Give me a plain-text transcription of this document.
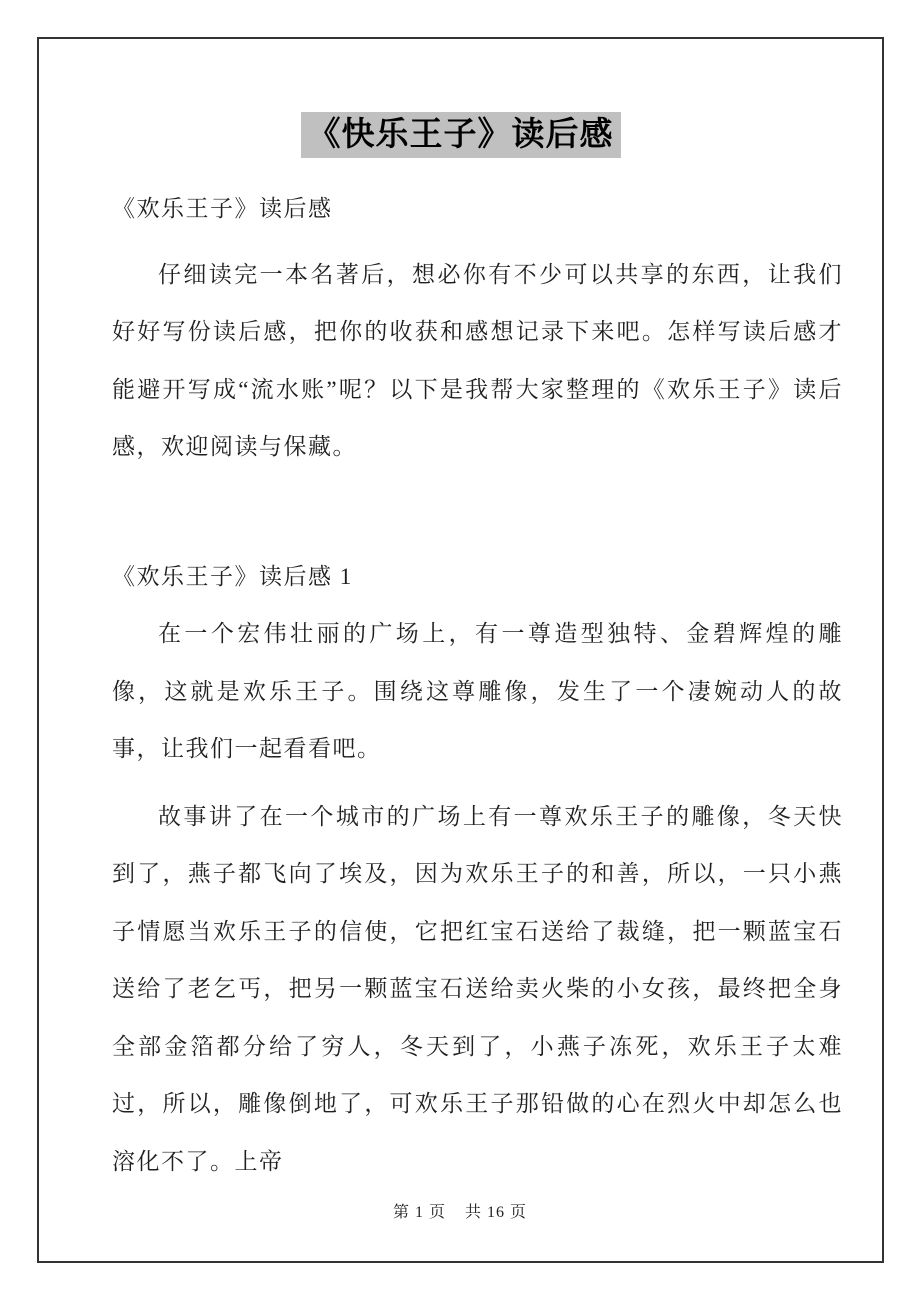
《快乐王子》读后感
《欢乐王子》读后感
仔细读完一本名著后，想必你有不少可以共享的东西，让我们好好写份读后感，把你的收获和感想记录下来吧。怎样写读后感才能避开写成“流水账”呢？以下是我帮大家整理的《欢乐王子》读后感，欢迎阅读与保藏。
《欢乐王子》读后感 1
在一个宏伟壮丽的广场上，有一尊造型独特、金碧辉煌的雕像，这就是欢乐王子。围绕这尊雕像，发生了一个凄婉动人的故事，让我们一起看看吧。
故事讲了在一个城市的广场上有一尊欢乐王子的雕像，冬天快到了，燕子都飞向了埃及，因为欢乐王子的和善，所以，一只小燕子情愿当欢乐王子的信使，它把红宝石送给了裁缝，把一颗蓝宝石送给了老乞丐，把另一颗蓝宝石送给卖火柴的小女孩，最终把全身全部金箔都分给了穷人，冬天到了，小燕子冻死，欢乐王子太难过，所以，雕像倒地了，可欢乐王子那铅做的心在烈火中却怎么也溶化不了。上帝
第 1 页 共 16 页
